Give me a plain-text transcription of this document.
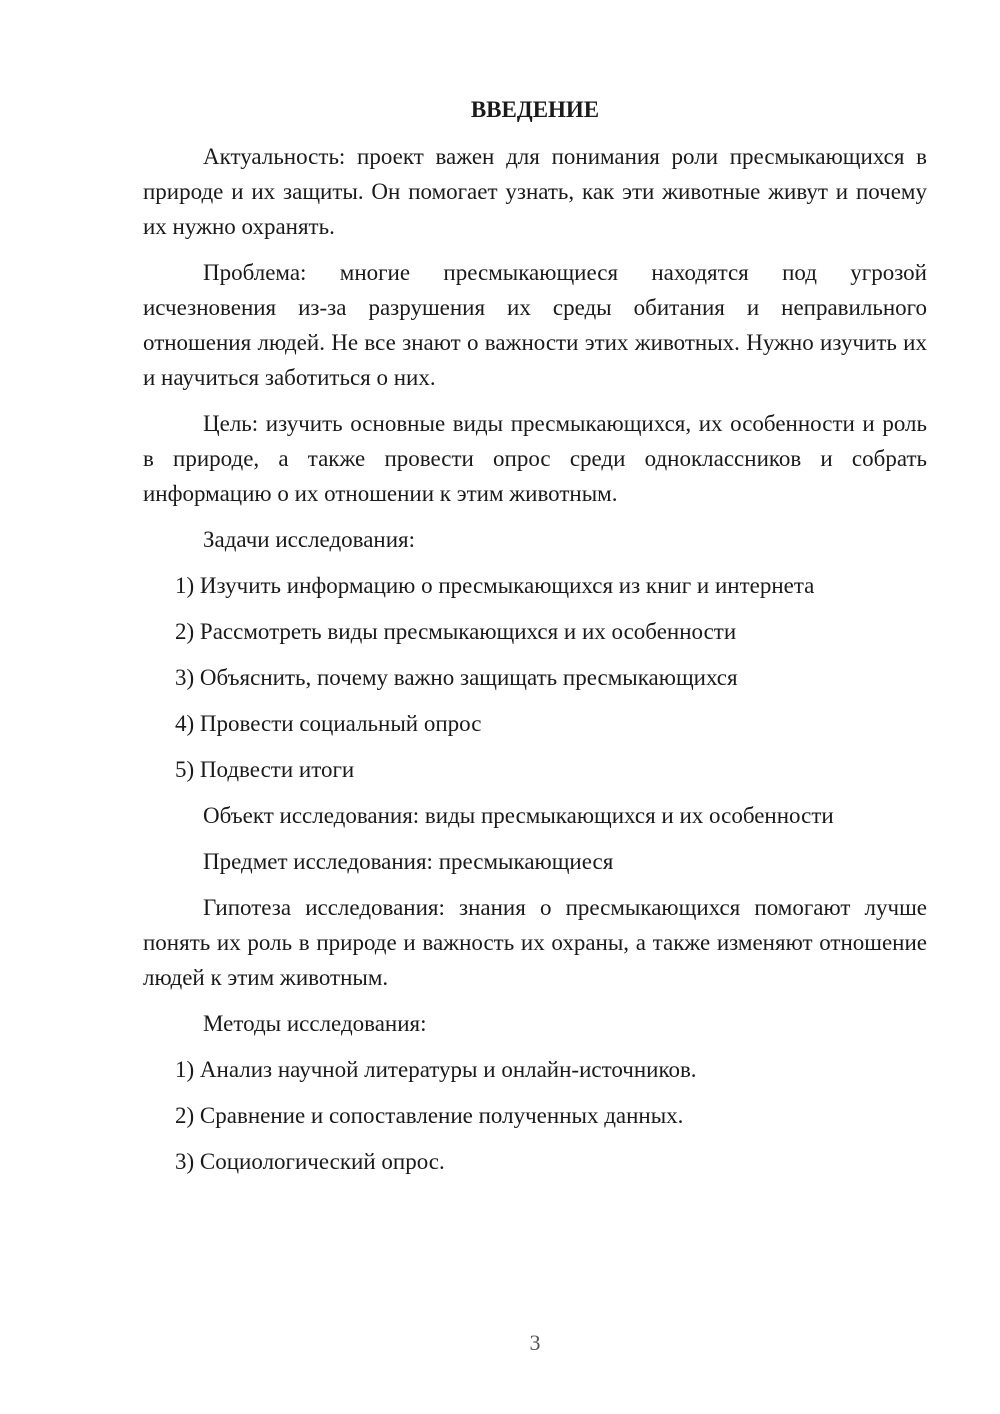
ВВЕДЕНИЕ

Актуальность: проект важен для понимания роли пресмыкающихся в природе и их защиты. Он помогает узнать, как эти животные живут и почему их нужно охранять.

Проблема: многие пресмыкающиеся находятся под угрозой исчезновения из-за разрушения их среды обитания и неправильного отношения людей. Не все знают о важности этих животных. Нужно изучить их и научиться заботиться о них.

Цель: изучить основные виды пресмыкающихся, их особенности и роль в природе, а также провести опрос среди одноклассников и собрать информацию о их отношении к этим животным.

Задачи исследования:

1) Изучить информацию о пресмыкающихся из книг и интернета
2) Рассмотреть виды пресмыкающихся и их особенности
3) Объяснить, почему важно защищать пресмыкающихся
4) Провести социальный опрос
5) Подвести итоги

Объект исследования: виды пресмыкающихся и их особенности

Предмет исследования: пресмыкающиеся

Гипотеза исследования: знания о пресмыкающихся помогают лучше понять их роль в природе и важность их охраны, а также изменяют отношение людей к этим животным.

Методы исследования:

1) Анализ научной литературы и онлайн-источников.
2) Сравнение и сопоставление полученных данных.
3) Социологический опрос.
3
